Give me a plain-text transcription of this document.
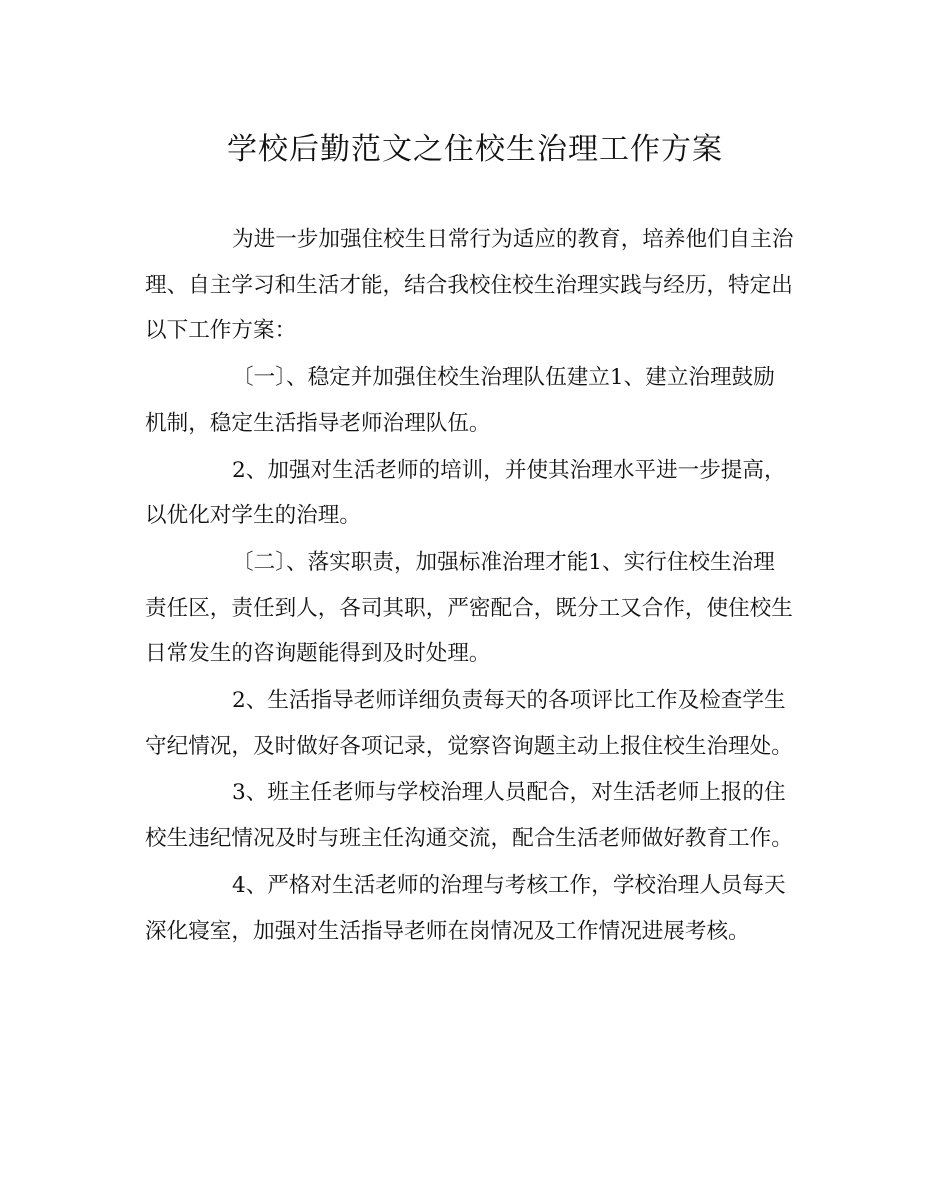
学校后勤范文之住校生治理工作方案
为进一步加强住校生日常行为适应的教育，培养他们自主治
理、自主学习和生活才能，结合我校住校生治理实践与经历，特定出
以下工作方案：
〔一〕、稳定并加强住校生治理队伍建立1、建立治理鼓励
机制，稳定生活指导老师治理队伍。
2、加强对生活老师的培训，并使其治理水平进一步提高，
以优化对学生的治理。
〔二〕、落实职责，加强标准治理才能1、实行住校生治理
责任区，责任到人，各司其职，严密配合，既分工又合作，使住校生
日常发生的咨询题能得到及时处理。
2、生活指导老师详细负责每天的各项评比工作及检查学生
守纪情况，及时做好各项记录，觉察咨询题主动上报住校生治理处。
3、班主任老师与学校治理人员配合，对生活老师上报的住
校生违纪情况及时与班主任沟通交流，配合生活老师做好教育工作。
4、严格对生活老师的治理与考核工作，学校治理人员每天
深化寝室，加强对生活指导老师在岗情况及工作情况进展考核。
